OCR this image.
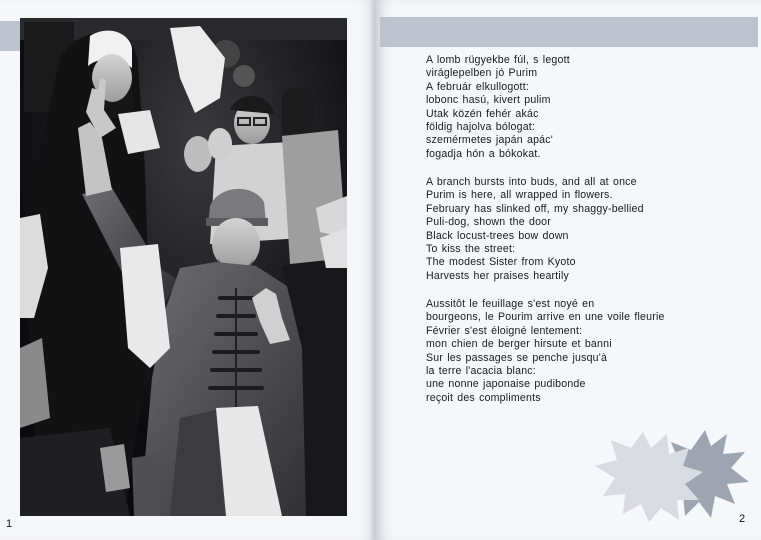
1
A lomb rügyekbe fúl, s legott
viráglepelben jó Purim
A február elkullogott:
lobonc hasú, kivert pulim
Utak közén fehér akác
földig hajolva bólogat:
szemérmetes japán apác'
fogadja hón a bókokat.
A branch bursts into buds, and all at once
Purim is here, all wrapped in flowers.
February has slinked off, my shaggy-bellied
Puli-dog, shown the door
Black locust-trees bow down
To kiss the street:
The modest Sister from Kyoto
Harvests her praises heartily
Aussitôt le feuillage s'est noyé en
bourgeons, le Pourim arrive en une voile fleurie
Février s'est éloigné lentement:
mon chien de berger hirsute et banni
Sur les passages se penche jusqu'à
la terre l'acacia blanc:
une nonne japonaise pudibonde
reçoit des compliments
2
